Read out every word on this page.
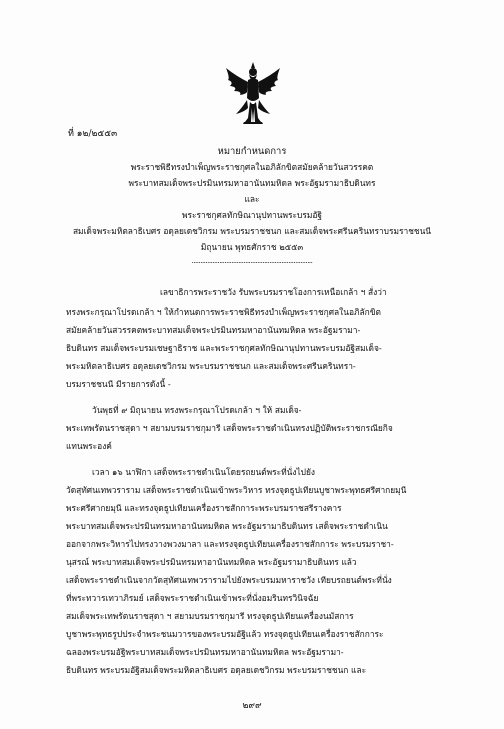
ที่ ๑๒/๒๕๕๓
หมายกำหนดการ
พระราชพิธีทรงบำเพ็ญพระราชกุศลในอภิลักขิตสมัยคล้ายวันสวรรคต
พระบาทสมเด็จพระปรมินทรมหาอานันทมหิดล พระอัฐมรามาธิบดินทร
และ
พระราชกุศลทักษิณานุปทานพระบรมอัฐิ
สมเด็จพระมหิตลาธิเบศร อดุลยเดชวิกรม พระบรมราชชนก และสมเด็จพระศรีนครินทราบรมราชชนนี
มิถุนายน พุทธศักราช ๒๕๕๓
......................................................................
เลขาธิการพระราชวัง รับพระบรมราชโองการเหนือเกล้า ฯ สั่งว่า
ทรงพระกรุณาโปรดเกล้า ฯ ให้กำหนดการพระราชพิธีทรงบำเพ็ญพระราชกุศลในอภิลักขิต
สมัยคล้ายวันสวรรคตพระบาทสมเด็จพระปรมินทรมหาอานันทมหิดล พระอัฐมรามา-
ธิบดินทร สมเด็จพระบรมเชษฐาธิราช และพระราชกุศลทักษิณานุปทานพระบรมอัฐิสมเด็จ-
พระมหิตลาธิเบศร อดุลยเดชวิกรม พระบรมราชชนก และสมเด็จพระศรีนครินทรา-
บรมราชชนนี มีรายการดังนี้ -
วันพุธที่ ๙ มิถุนายน ทรงพระกรุณาโปรดเกล้า ฯ ให้ สมเด็จ-
พระเทพรัตนราชสุดา ฯ สยามบรมราชกุมารี เสด็จพระราชดำเนินทรงปฏิบัติพระราชกรณียกิจ
แทนพระองค์
เวลา ๑๖ นาฬิกา เสด็จพระราชดำเนินโดยรถยนต์พระที่นั่งไปยัง
วัดสุทัศนเทพวราราม เสด็จพระราชดำเนินเข้าพระวิหาร ทรงจุดธูปเทียนบูชาพระพุทธศรีศากยมุนี
พระศรีศากยมุนี และทรงจุดธูปเทียนเครื่องราชสักการะพระบรมราชสรีรางคาร
พระบาทสมเด็จพระปรมินทรมหาอานันทมหิดล พระอัฐมรามาธิบดินทร เสด็จพระราชดำเนิน
ออกจากพระวิหารไปทรงวางพวงมาลา และทรงจุดธูปเทียนเครื่องราชสักการะ พระบรมราชา-
นุสรณ์ พระบาทสมเด็จพระปรมินทรมหาอานันทมหิดล พระอัฐมรามาธิบดินทร แล้ว
เสด็จพระราชดำเนินจากวัดสุทัศนเทพวรารามไปยังพระบรมมหาราชวัง เทียบรถยนต์พระที่นั่ง
ที่พระทวารเทวาภิรมย์ เสด็จพระราชดำเนินเข้าพระที่นั่งอมรินทรวินิจฉัย
สมเด็จพระเทพรัตนราชสุดา ฯ สยามบรมราชกุมารี ทรงจุดธูปเทียนเครื่องนมัสการ
บูชาพระพุทธรูปประจำพระชนมวารของพระบรมอัฐิแล้ว ทรงจุดธูปเทียนเครื่องราชสักการะ
ฉลองพระบรมอัฐิพระบาทสมเด็จพระปรมินทรมหาอานันทมหิดล พระอัฐมรามา-
ธิบดินทร พระบรมอัฐิสมเด็จพระมหิตลาธิเบศร อดุลยเดชวิกรม พระบรมราชชนก และ
๒๙๙
